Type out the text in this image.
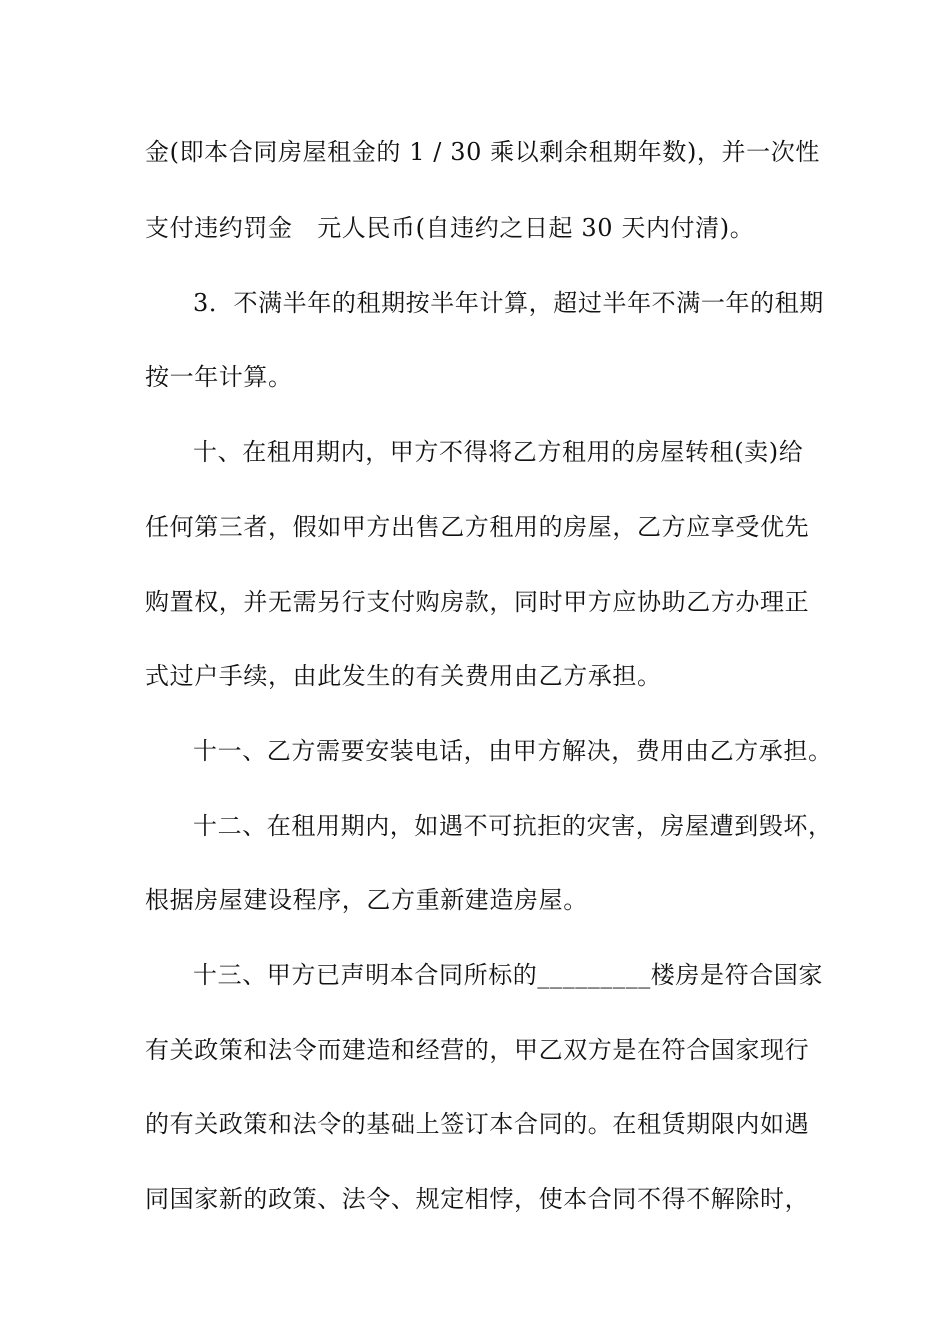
金(即本合同房屋租金的 1 / 30 乘以剩余租期年数)，并一次性
支付违约罚金　元人民币(自违约之日起 30 天内付清)。
3．不满半年的租期按半年计算，超过半年不满一年的租期
按一年计算。
十、在租用期内，甲方不得将乙方租用的房屋转租(卖)给
任何第三者，假如甲方出售乙方租用的房屋，乙方应享受优先
购置权，并无需另行支付购房款，同时甲方应协助乙方办理正
式过户手续，由此发生的有关费用由乙方承担。
十一、乙方需要安装电话，由甲方解决，费用由乙方承担。
十二、在租用期内，如遇不可抗拒的灾害，房屋遭到毁坏，
根据房屋建设程序，乙方重新建造房屋。
十三、甲方已声明本合同所标的_________楼房是符合国家
有关政策和法令而建造和经营的，甲乙双方是在符合国家现行
的有关政策和法令的基础上签订本合同的。在租赁期限内如遇
同国家新的政策、法令、规定相悖，使本合同不得不解除时，
